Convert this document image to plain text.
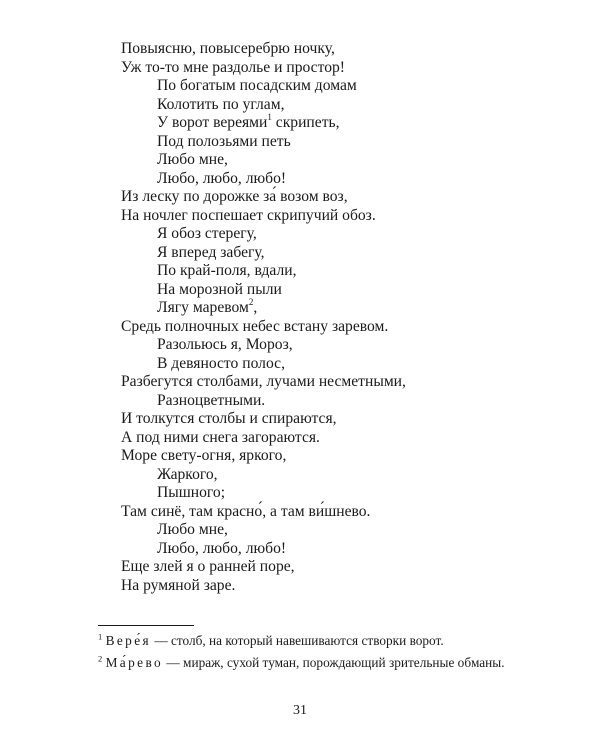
Повыясню, повысеребрю ночку,
Уж то-то мне раздолье и простор!
По богатым посадским домам
Колотить по углам,
У ворот вереями$^1$ скрипеть,
Под полозьями петь
Любо мне,
Любо, любо, любо!
Из леску по дорожке за́ возом воз,
На ночлег поспешает скрипучий обоз.
Я обоз стерегу,
Я вперед забегу,
По край-поля, вдали,
На морозной пыли
Лягу маревом$^2$,
Средь полночных небес встану заревом.
Разольюсь я, Мороз,
В девяносто полос,
Разбегутся столбами, лучами несметными,
Разноцветными.
И толкутся столбы и спираются,
А под ними снега загораются.
Море свету-огня, яркого,
Жаркого,
Пышного;
Там синё, там красно́, а там ви́шнево.
Любо мне,
Любо, любо, любо!
Еще злей я о ранней поре,
На румяной заре.
$^1$ Вере́я — столб, на который навешиваются створки ворот.
$^2$ Ма́рево — мираж, сухой туман, порождающий зрительные обманы.
31
